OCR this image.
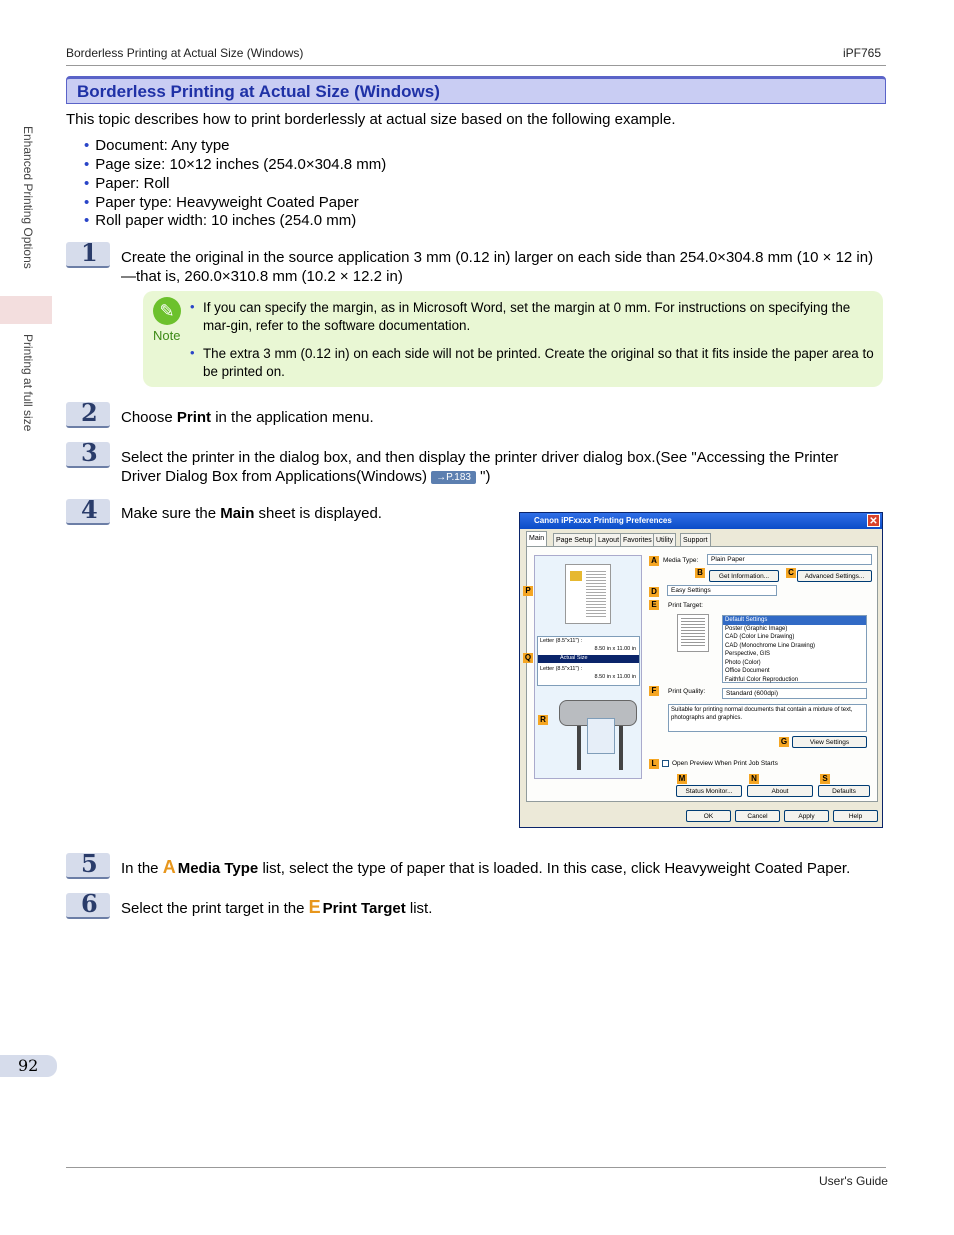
Borderless Printing at Actual Size (Windows)	iPF765
Enhanced Printing Options
Printing at full size
Borderless Printing at Actual Size (Windows)
This topic describes how to print borderlessly at actual size based on the following example.
• Document: Any type
• Page size: 10×12 inches (254.0×304.8 mm)
• Paper: Roll
• Paper type: Heavyweight Coated Paper
• Roll paper width: 10 inches (254.0 mm)
1 Create the original in the source application 3 mm (0.12 in) larger on each side than 254.0×304.8 mm (10 × 12 in) —that is, 260.0×310.8 mm (10.2 × 12.2 in)
✎
Note
• If you can specify the margin, as in Microsoft Word, set the margin at 0 mm. For instructions on specifying the mar-gin, refer to the software documentation.
• The extra 3 mm (0.12 in) on each side will not be printed. Create the original so that it fits inside the paper area to be printed on.
2 Choose Print in the application menu.
3 Select the printer in the dialog box, and then display the printer driver dialog box.(See "Accessing the Printer Driver Dialog Box from Applications(Windows) →P.183 ")
4 Make sure the Main sheet is displayed.	Canon iPFxxxx Printing Preferences	✕
Main	Page Setup Layout Favorites Utility	Support
Letter (8.5"x11") :
8.50 in x 11.00 in
Actual Size
Letter (8.5"x11") :
8.50 in x 11.00 in
P
Q
R
A Media Type:	Plain Paper
B	Get Information...	C	Advanced Settings...
D	Easy Settings
E	Print Target:
Default Settings
Poster (Graphic Image)
CAD (Color Line Drawing)
CAD (Monochrome Line Drawing)
Perspective, GIS
Photo (Color)
Office Document
Faithful Color Reproduction
F	Print Quality:	Standard (600dpi)
Suitable for printing normal documents that contain a mixture of text, photographs and graphics.
G	View Settings
L	Open Preview When Print Job Starts
M
Status Monitor...
N
About
S
Defaults
OK	Cancel	Apply	Help
5 In the A Media Type list, select the type of paper that is loaded. In this case, click Heavyweight Coated Paper.
6 Select the print target in the E Print Target list.
92
User's Guide
